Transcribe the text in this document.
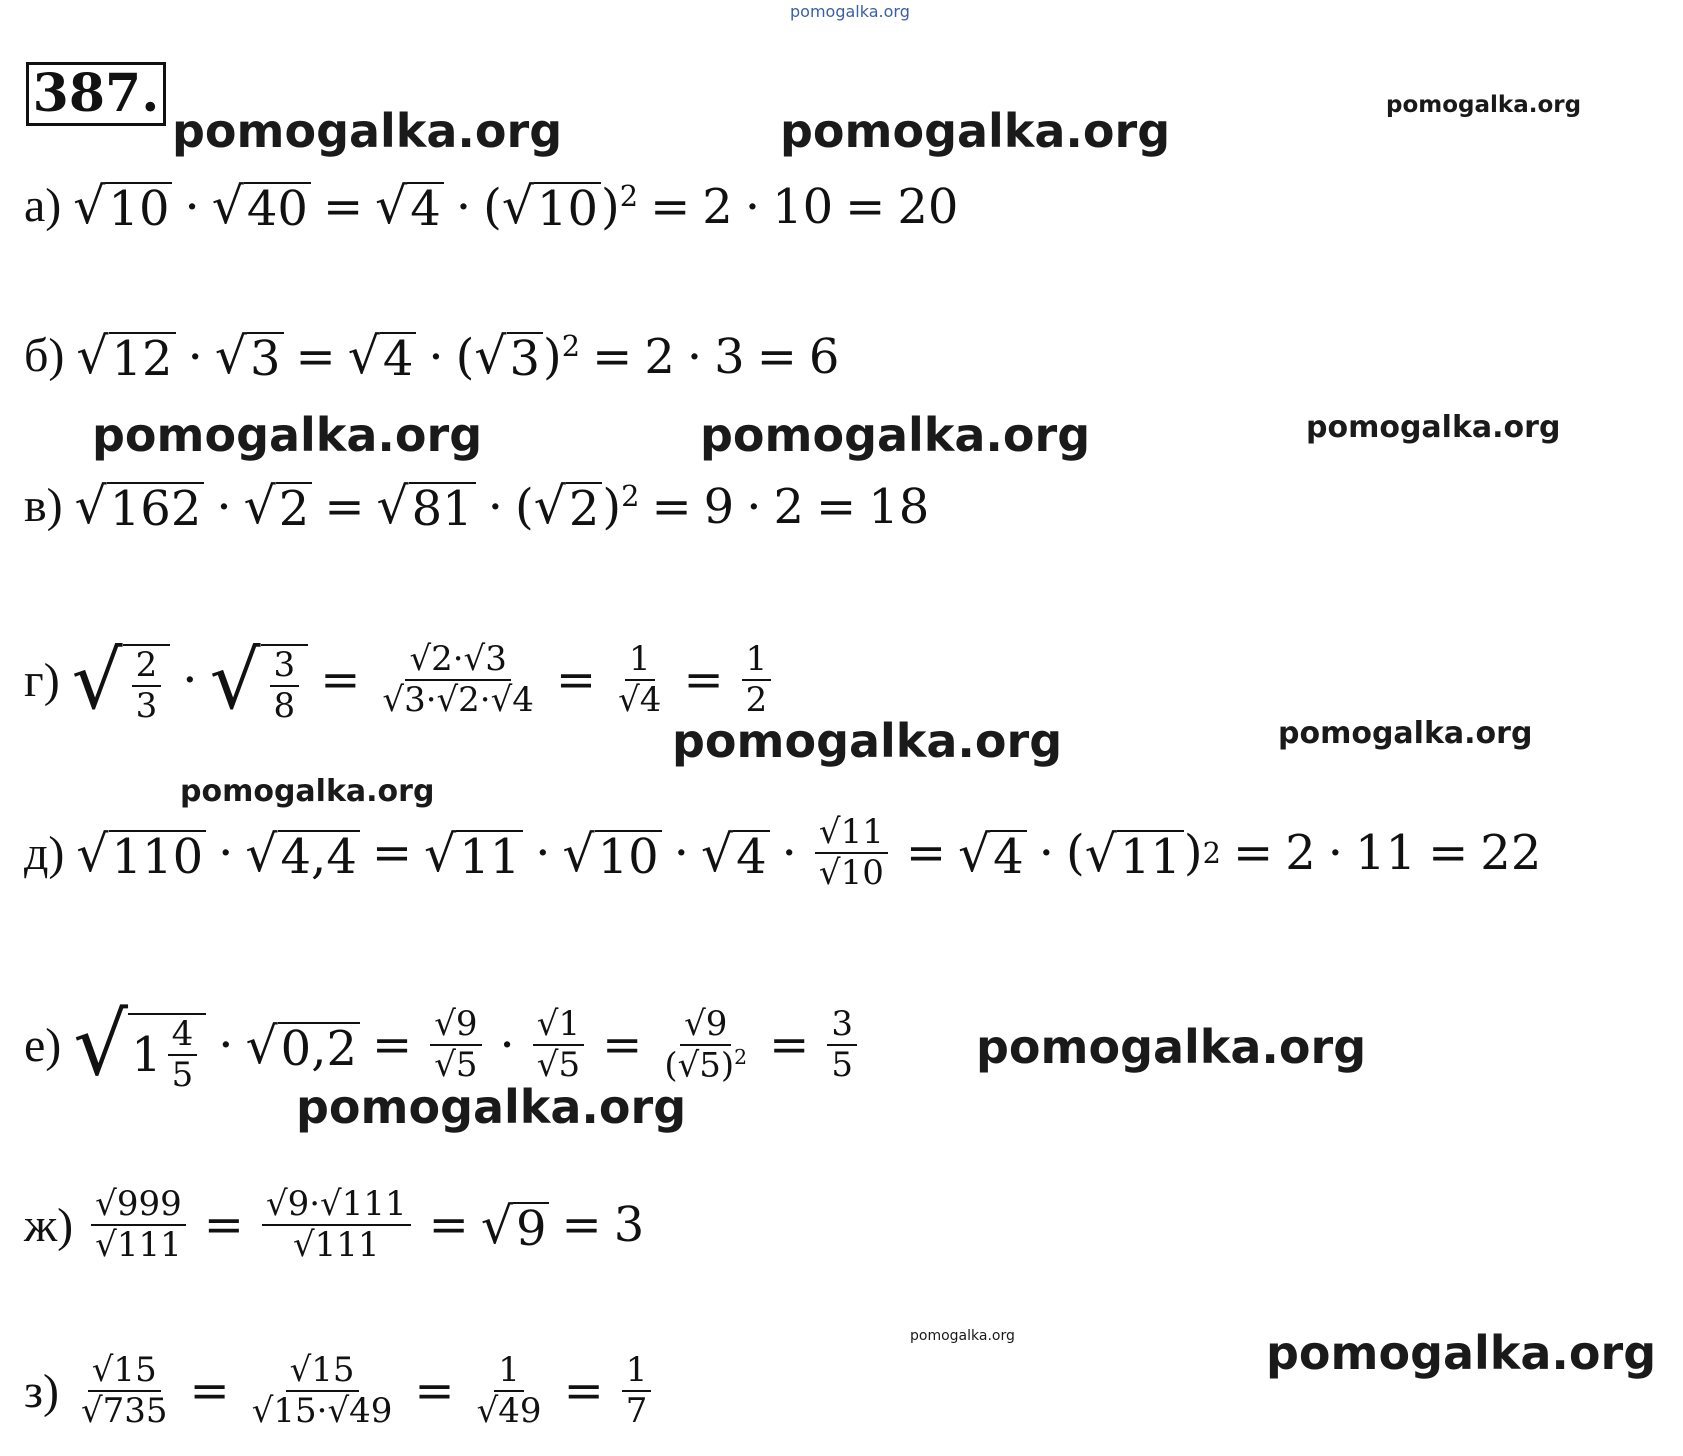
pomogalka.org
pomogalka.org	pomogalka.org	pomogalka.org
pomogalka.org	pomogalka.org	pomogalka.org
pomogalka.org	pomogalka.org
pomogalka.org
pomogalka.org
pomogalka.org
pomogalka.org	pomogalka.org
387.
а) √ 10 · √ 40 = √ 4 · ( √ 10 )$^2$ = 2 · 10 = 20
б) √ 12 · √ 3 = √ 4 · ( √ 3 )$^2$ = 2 · 3 = 6
в) √ 162 · √ 2 = √ 81 · ( √ 2 )$^2$ = 9 · 2 = 18
г) √ $\frac{2}{3}$ · √ $\frac{3}{8} = \frac{√2\cdot√3}{√3\cdot√2\cdot√4} = \frac{1}{√4} = \frac{1}{2}$
д) √ 110 · √ 4,4 = √ 11 · √ 10 · √ $4 \cdot \frac{√11}{√10}$ = √ 4 · ( √ 11 ) 2 = 2 · 11 = 22
е) √ $1 \frac{4}{5}$ · √ $0,2 = \frac{√9}{√5} \cdot \frac{√1}{√5} = \frac{√9}{(√5)^2} = \frac{3}{5}$
$ж) \frac{√999}{√111} = \frac{√9\cdot√111}{√111}$ = √ 9 = 3
$з) \frac{√15}{√735} = \frac{√15}{√15\cdot√49} = \frac{1}{√49} = \frac{1}{7}$
